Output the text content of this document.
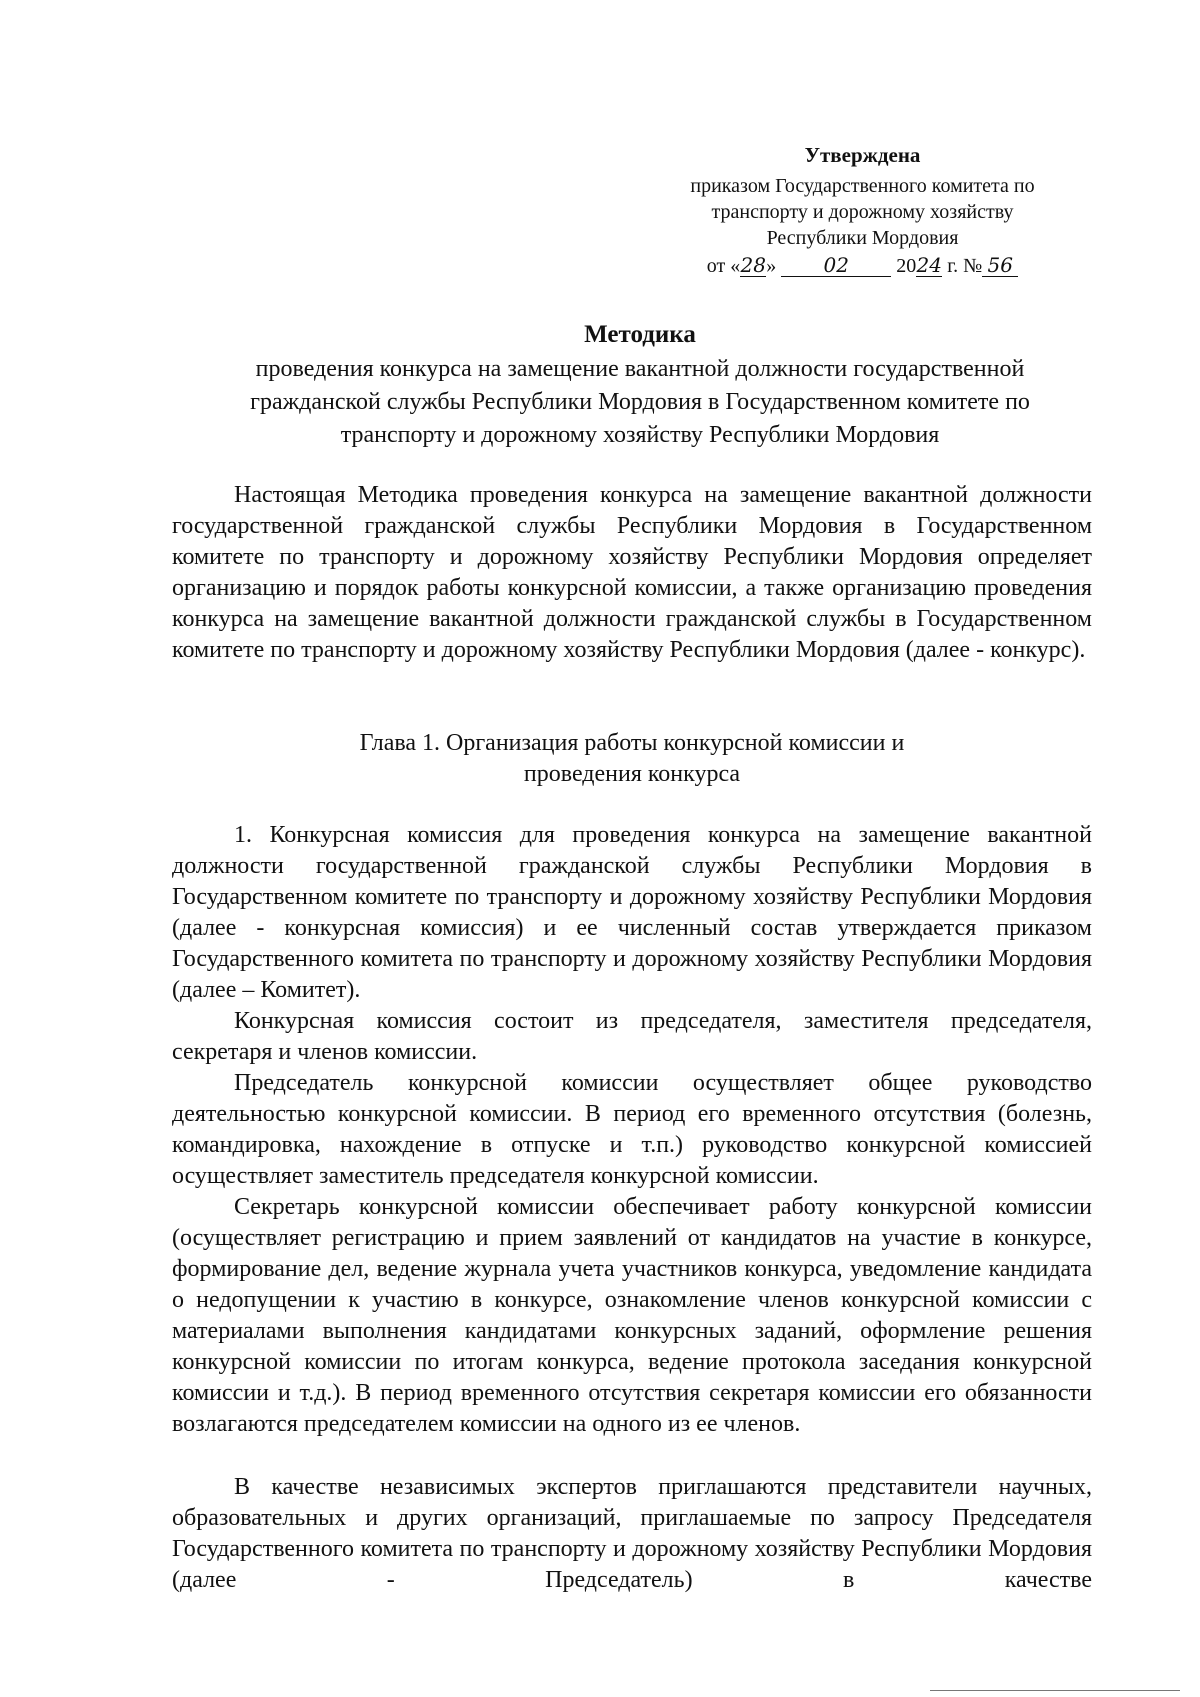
Утверждена
приказом Государственного комитета по
транспорту и дорожному хозяйству
Республики Мордовия
от «28» 02 2024 г. № 56
Методика
проведения конкурса на замещение вакантной должности государственной
гражданской службы Республики Мордовия в Государственном комитете по
транспорту и дорожному хозяйству Республики Мордовия

Настоящая Методика проведения конкурса на замещение вакантной должности государственной гражданской службы Республики Мордовия в Государственном комитете по транспорту и дорожному хозяйству Республики Мордовия определяет организацию и порядок работы конкурсной комиссии, а также организацию проведения конкурса на замещение вакантной должности гражданской службы в Государственном комитете по транспорту и дорожному хозяйству Республики Мордовия (далее - конкурс).

Глава 1. Организация работы конкурсной комиссии и
проведения конкурса

1. Конкурсная комиссия для проведения конкурса на замещение вакантной должности государственной гражданской службы Республики Мордовия в Государственном комитете по транспорту и дорожному хозяйству Республики Мордовия (далее - конкурсная комиссия) и ее численный состав утверждается приказом Государственного комитета по транспорту и дорожному хозяйству Республики Мордовия (далее – Комитет).

Конкурсная комиссия состоит из председателя, заместителя председателя, секретаря и членов комиссии.

Председатель конкурсной комиссии осуществляет общее руководство деятельностью конкурсной комиссии. В период его временного отсутствия (болезнь, командировка, нахождение в отпуске и т.п.) руководство конкурсной комиссией осуществляет заместитель председателя конкурсной комиссии.

Секретарь конкурсной комиссии обеспечивает работу конкурсной комиссии (осуществляет регистрацию и прием заявлений от кандидатов на участие в конкурсе, формирование дел, ведение журнала учета участников конкурса, уведомление кандидата о недопущении к участию в конкурсе, ознакомление членов конкурсной комиссии с материалами выполнения кандидатами конкурсных заданий, оформление решения конкурсной комиссии по итогам конкурса, ведение протокола заседания конкурсной комиссии и т.д.). В период временного отсутствия секретаря комиссии его обязанности возлагаются председателем комиссии на одного из ее членов.

В качестве независимых экспертов приглашаются представители научных, образовательных и других организаций, приглашаемые по запросу Председателя Государственного комитета по транспорту и дорожному хозяйству Республики Мордовия (далее - Председатель) в качестве
